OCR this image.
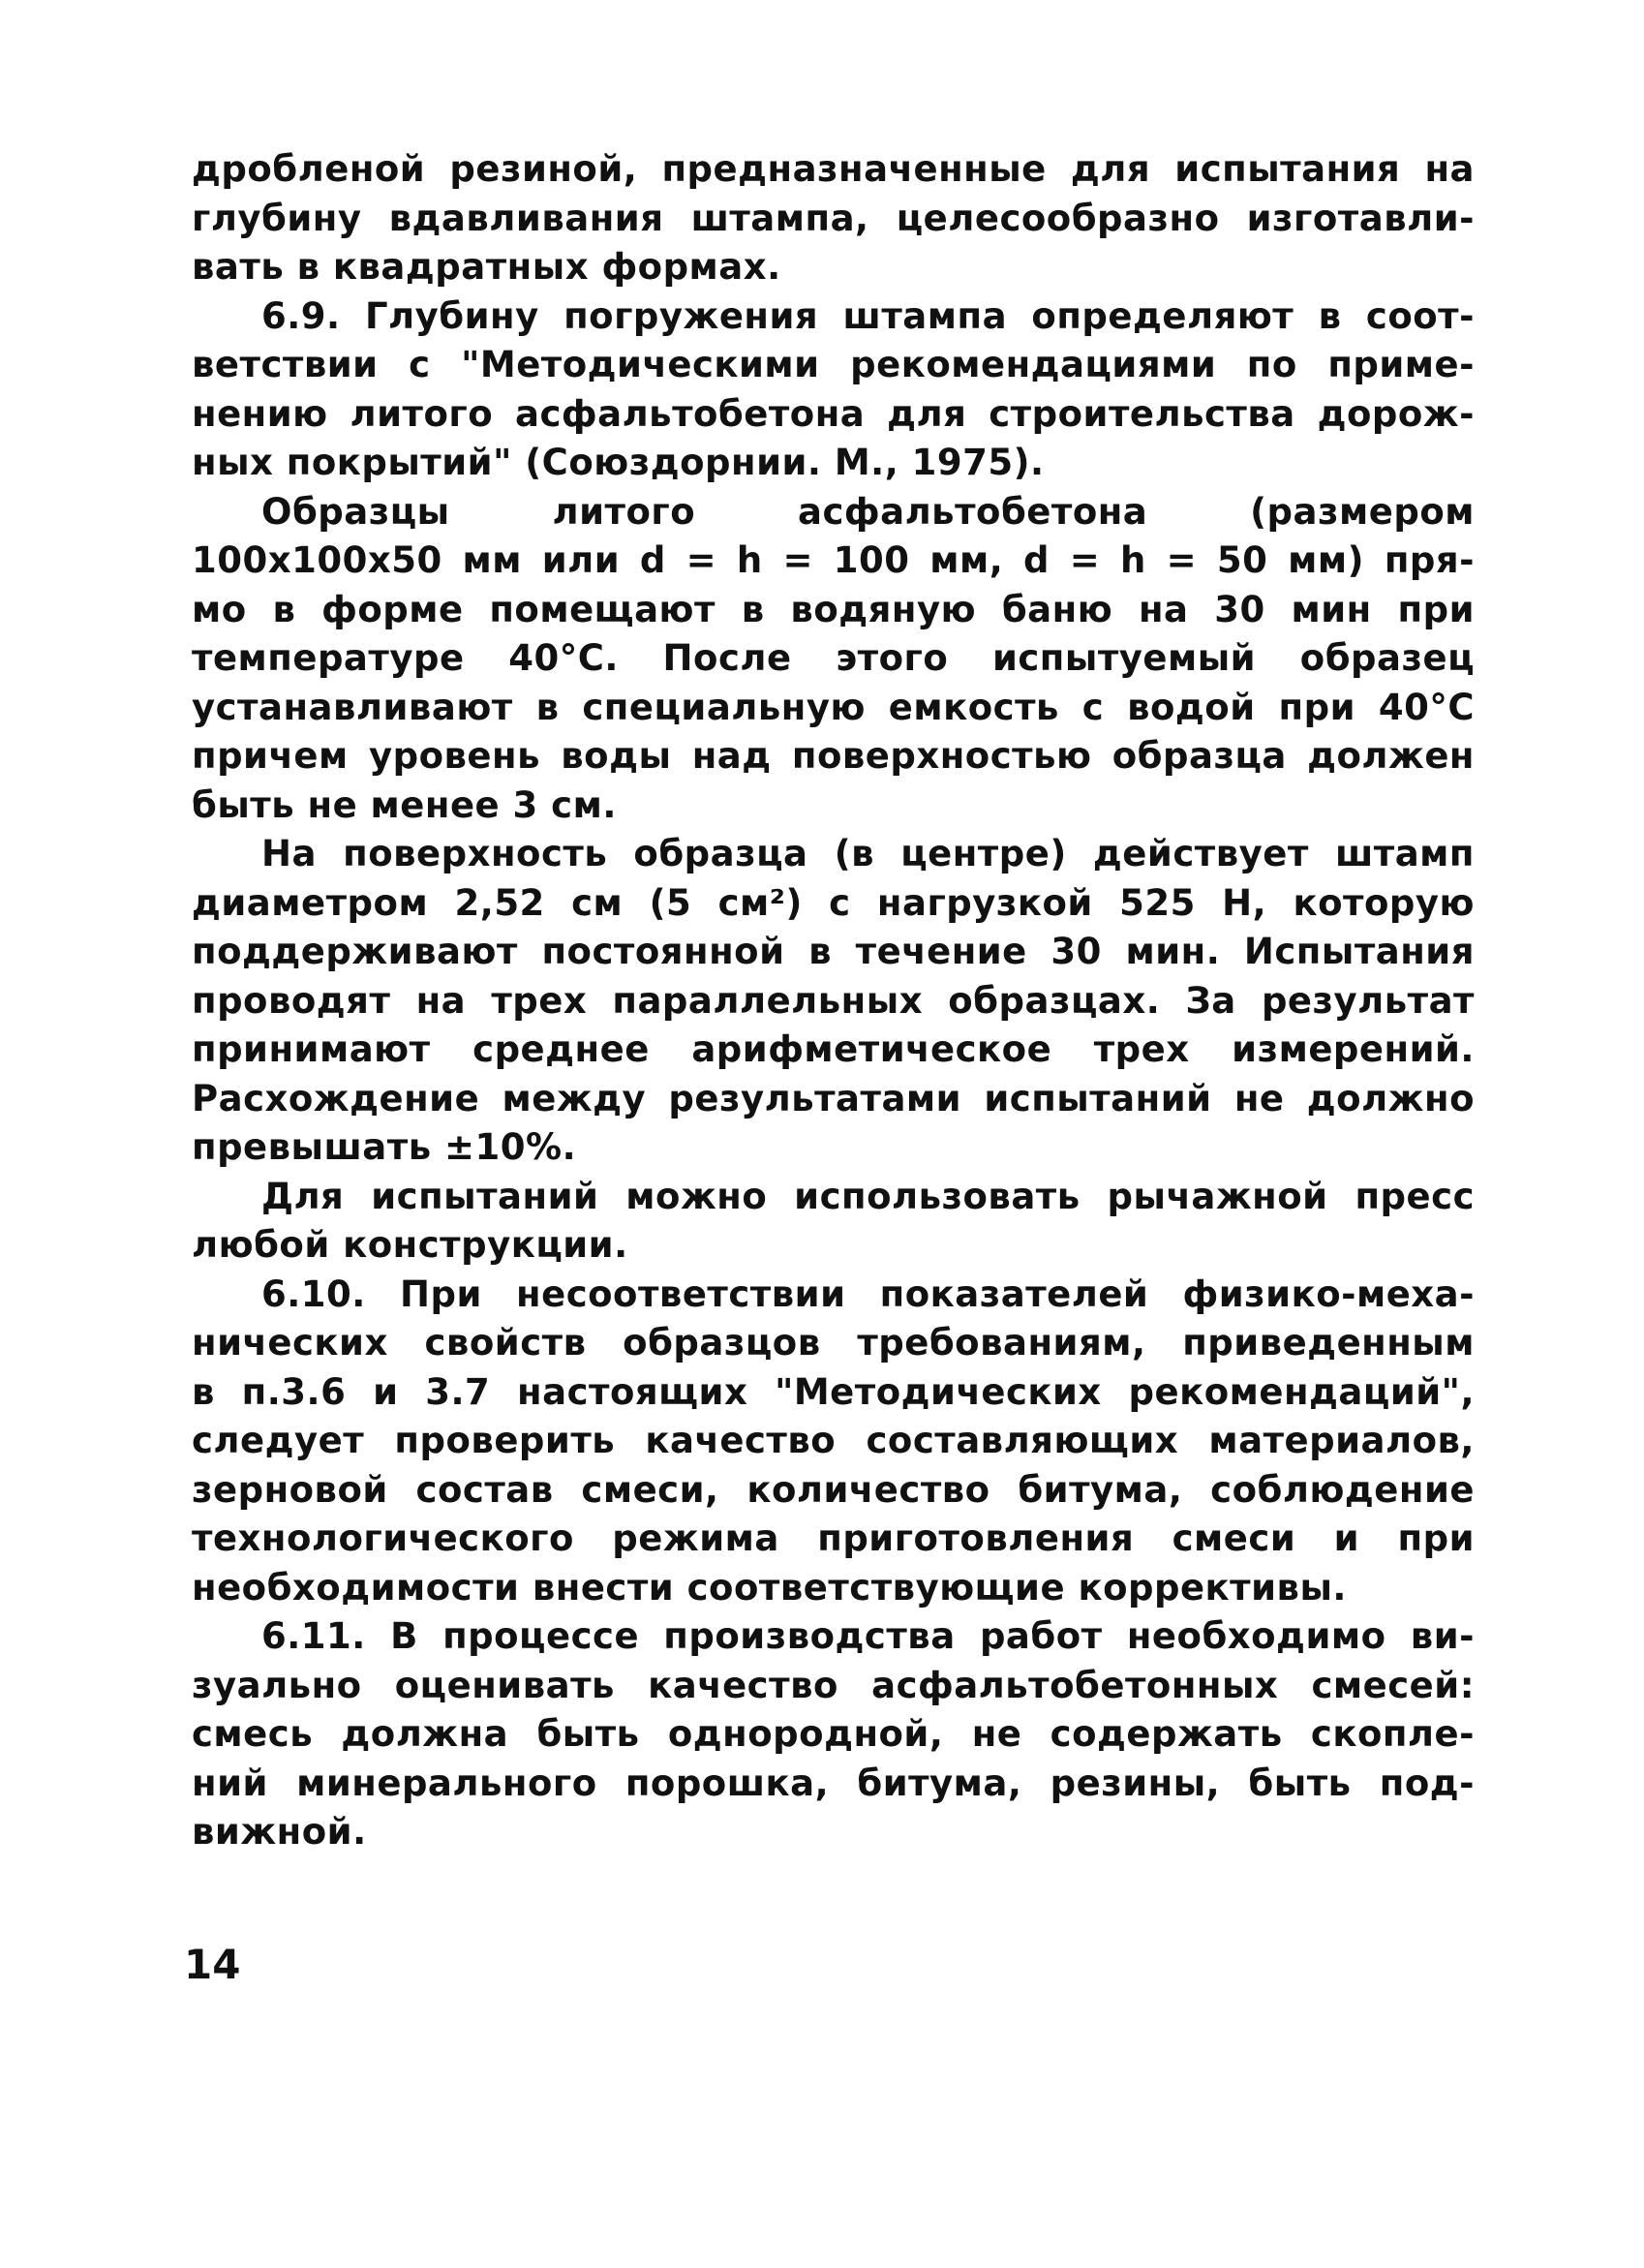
дробленой резиной, предназначенные для испытания на
глубину вдавливания штампа, целесообразно изготавли-
вать в квадратных формах.
6.9. Глубину погружения штампа определяют в соот-
ветствии с "Методическими рекомендациями по приме-
нению литого асфальтобетона для строительства дорож-
ных покрытий" (Союздорнии. М., 1975).
Образцы литого асфальтобетона (размером
100х100х50 мм или d = h = 100 мм, d = h = 50 мм) пря-
мо в форме помещают в водяную баню на 30 мин при
температуре 40°С. После этого испытуемый образец
устанавливают в специальную емкость с водой при 40°С
причем уровень воды над поверхностью образца должен
быть не менее 3 см.
На поверхность образца (в центре) действует штамп
диаметром 2,52 см (5 см²) с нагрузкой 525 Н, которую
поддерживают постоянной в течение 30 мин. Испытания
проводят на трех параллельных образцах. За результат
принимают среднее арифметическое трех измерений.
Расхождение между результатами испытаний не должно
превышать ±10%.
Для испытаний можно использовать рычажной пресс
любой конструкции.
6.10. При несоответствии показателей физико-меха-
нических свойств образцов требованиям, приведенным
в п.3.6 и 3.7 настоящих "Методических рекомендаций",
следует проверить качество составляющих материалов,
зерновой состав смеси, количество битума, соблюдение
технологического режима приготовления смеси и при
необходимости внести соответствующие коррективы.
6.11. В процессе производства работ необходимо ви-
зуально оценивать качество асфальтобетонных смесей:
смесь должна быть однородной, не содержать скопле-
ний минерального порошка, битума, резины, быть под-
вижной.
14
